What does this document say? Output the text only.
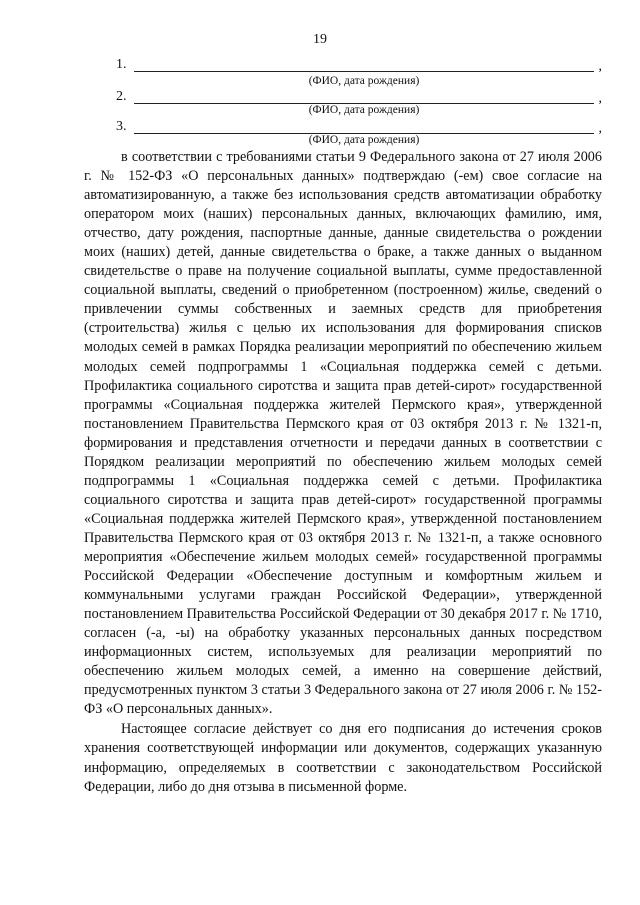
19
1.	,
(ФИО, дата рождения)
2.	,
(ФИО, дата рождения)
3.	,
(ФИО, дата рождения)

в соответствии с требованиями статьи 9 Федерального закона от 27 июля 2006 г. № 152-ФЗ «О персональных данных» подтверждаю (-ем) свое согласие на автоматизированную, а также без использования средств автоматизации обработку оператором моих (наших) персональных данных, включающих фамилию, имя, отчество, дату рождения, паспортные данные, данные свидетельства о рождении моих (наших) детей, данные свидетельства о браке, а также данных о выданном свидетельстве о праве на получение социальной выплаты, сумме предоставленной социальной выплаты, сведений о приобретенном (построенном) жилье, сведений о привлечении суммы собственных и заемных средств для приобретения (строительства) жилья с целью их использования для формирования списков молодых семей в рамках Порядка реализации мероприятий по обеспечению жильем молодых семей подпрограммы 1 «Социальная поддержка семей с детьми. Профилактика социального сиротства и защита прав детей-сирот» государственной программы «Социальная поддержка жителей Пермского края», утвержденной постановлением Правительства Пермского края от 03 октября 2013 г. № 1321-п, формирования и представления отчетности и передачи данных в соответствии с Порядком реализации мероприятий по обеспечению жильем молодых семей подпрограммы 1 «Социальная поддержка семей с детьми. Профилактика социального сиротства и защита прав детей-сирот» государственной программы «Социальная поддержка жителей Пермского края», утвержденной постановлением Правительства Пермского края от 03 октября 2013 г. № 1321-п, а также основного мероприятия «Обеспечение жильем молодых семей» государственной программы Российской Федерации «Обеспечение доступным и комфортным жильем и коммунальными услугами граждан Российской Федерации», утвержденной постановлением Правительства Российской Федерации от 30 декабря 2017 г. № 1710, согласен (-а, -ы) на обработку указанных персональных данных посредством информационных систем, используемых для реализации мероприятий по обеспечению жильем молодых семей, а именно на совершение действий, предусмотренных пунктом 3 статьи 3 Федерального закона от 27 июля 2006 г. № 152-ФЗ «О персональных данных».

Настоящее согласие действует со дня его подписания до истечения сроков хранения соответствующей информации или документов, содержащих указанную информацию, определяемых в соответствии с законодательством Российской Федерации, либо до дня отзыва в письменной форме.
